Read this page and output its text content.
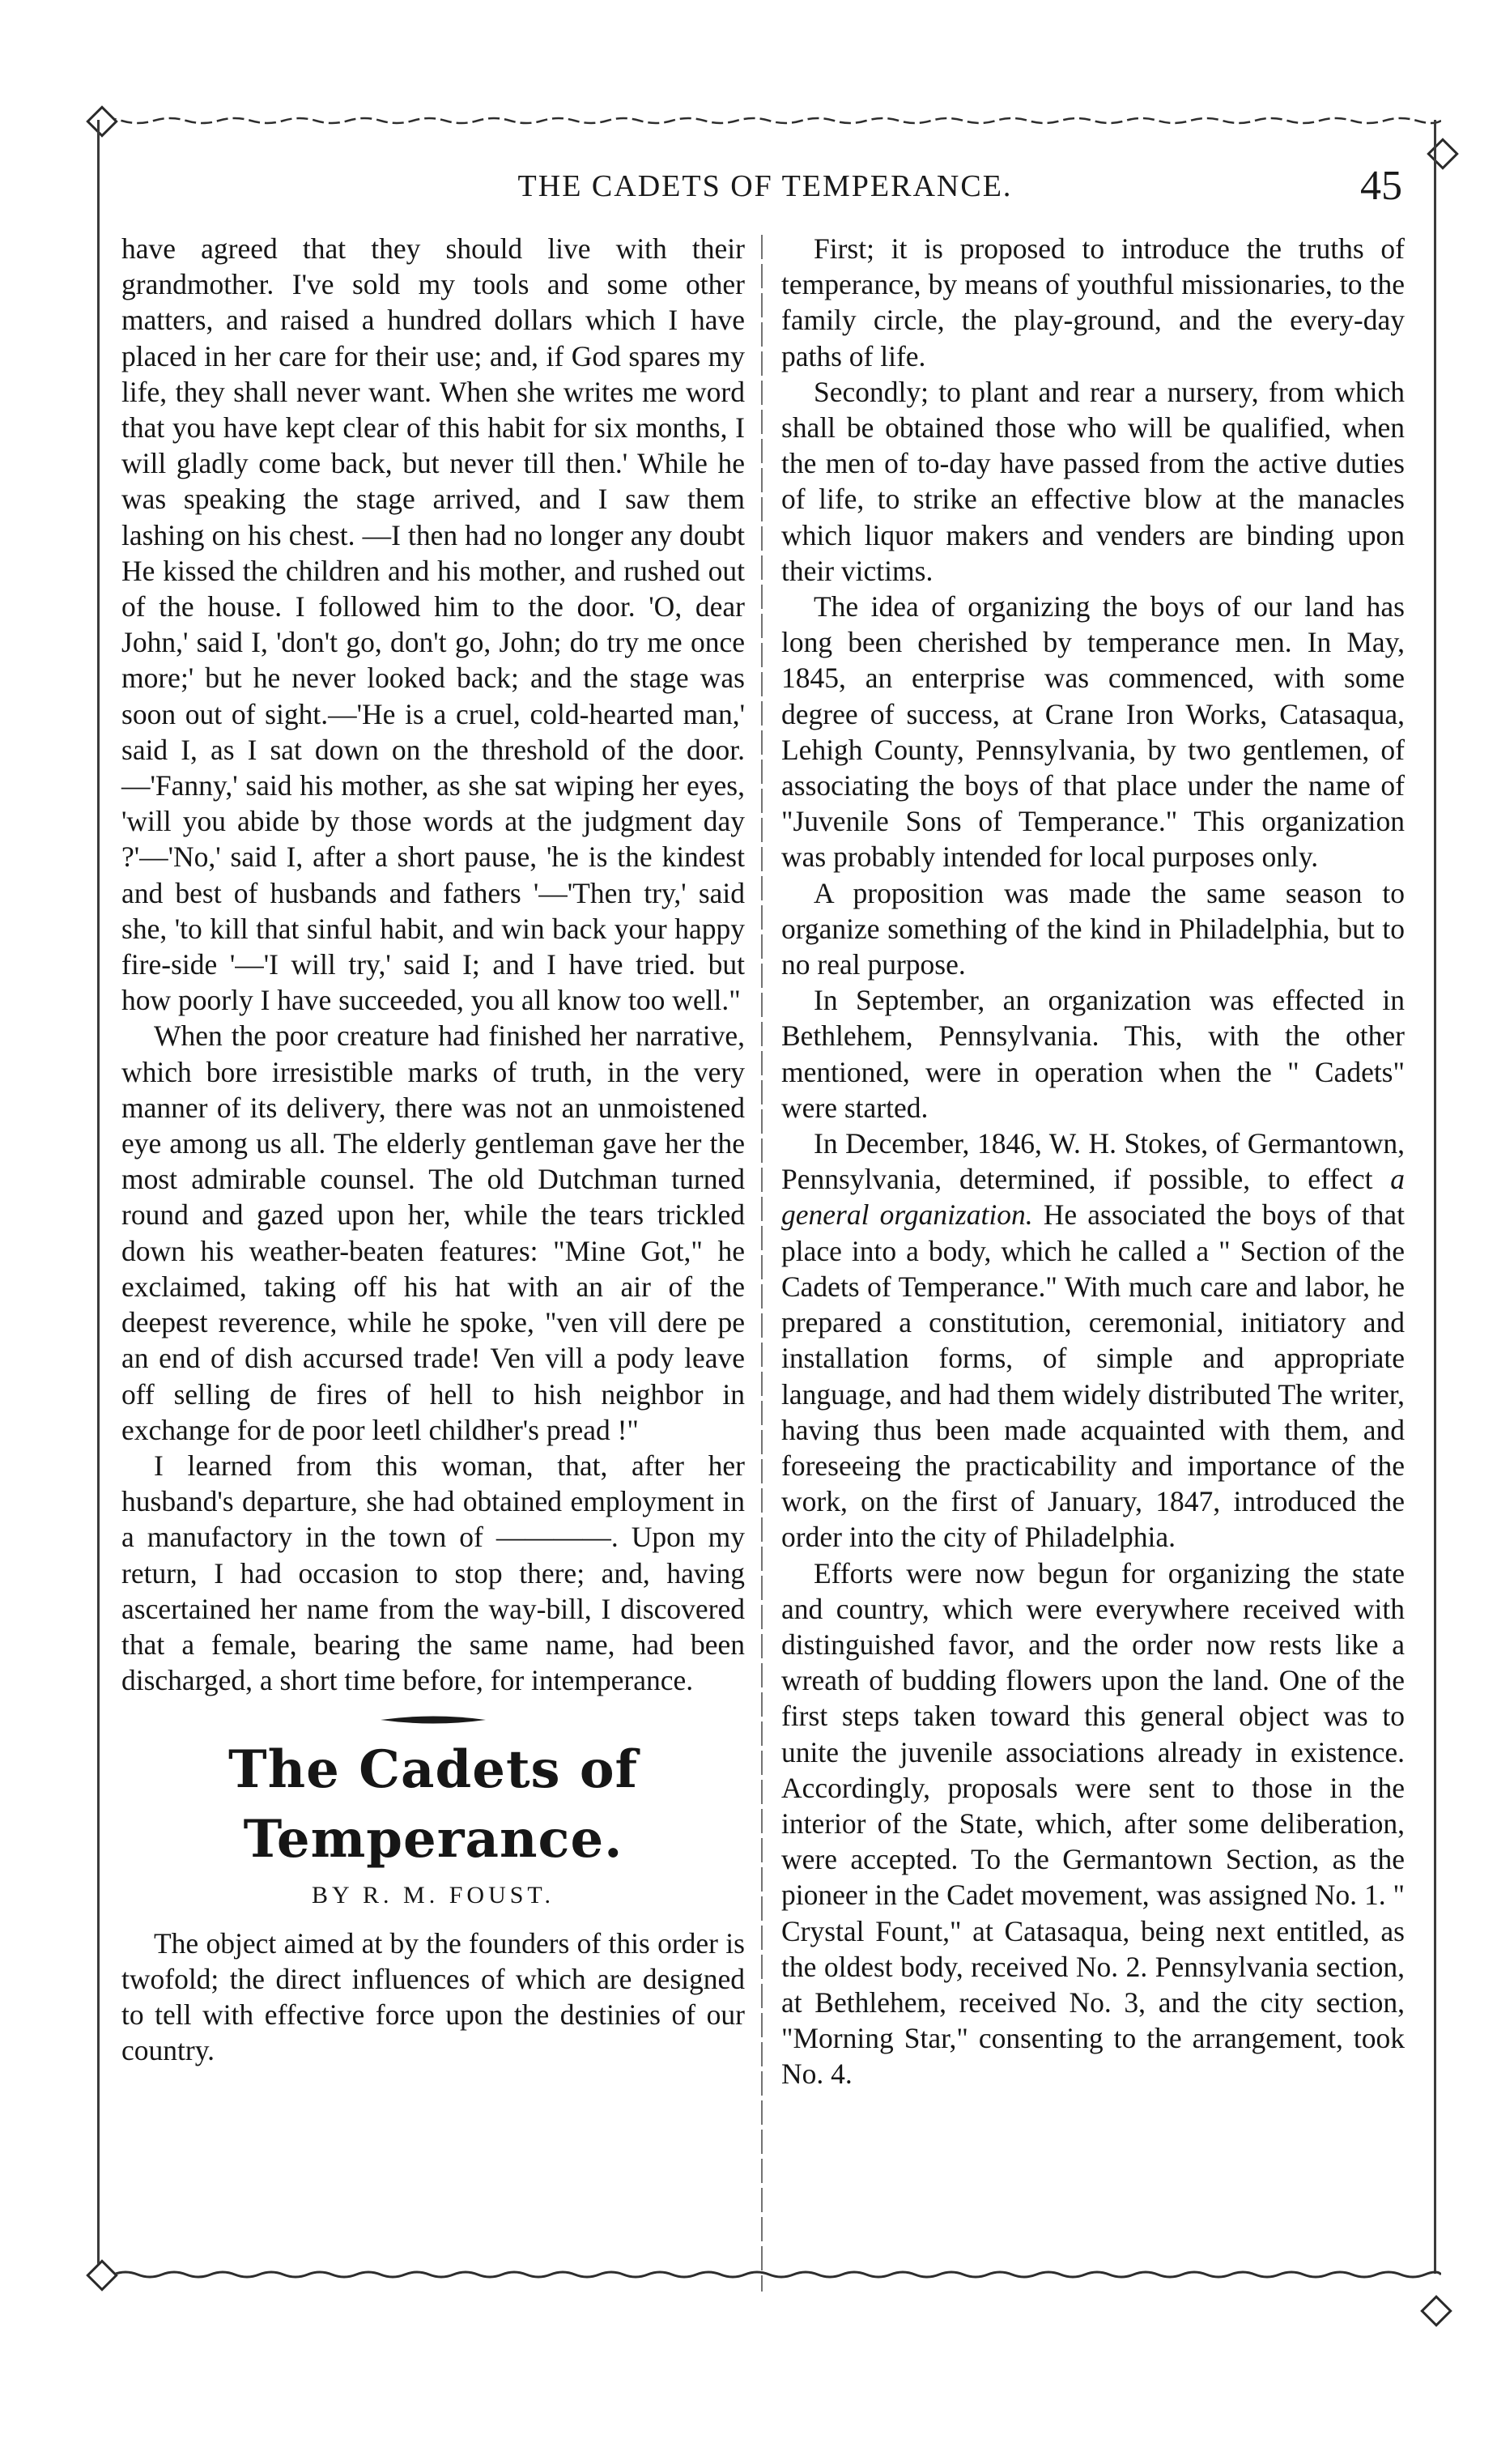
THE CADETS OF TEMPERANCE.	45

have agreed that they should live with their grandmother. I've sold my tools and some other matters, and raised a hundred dollars which I have placed in her care for their use; and, if God spares my life, they shall never want. When she writes me word that you have kept clear of this habit for six months, I will gladly come back, but never till then.' While he was speaking the stage arrived, and I saw them lashing on his chest. —I then had no longer any doubt He kissed the children and his mother, and rushed out of the house. I followed him to the door. 'O, dear John,' said I, 'don't go, don't go, John; do try me once more;' but he never looked back; and the stage was soon out of sight.—'He is a cruel, cold-hearted man,' said I, as I sat down on the threshold of the door.—'Fanny,' said his mother, as she sat wiping her eyes, 'will you abide by those words at the judgment day ?'—'No,' said I, after a short pause, 'he is the kindest and best of husbands and fathers '—'Then try,' said she, 'to kill that sinful habit, and win back your happy fire-side '—'I will try,' said I; and I have tried. but how poorly I have succeeded, you all know too well."

When the poor creature had finished her narrative, which bore irresistible marks of truth, in the very manner of its delivery, there was not an unmoistened eye among us all. The elderly gentleman gave her the most admirable counsel. The old Dutchman turned round and gazed upon her, while the tears trickled down his weather-beaten features: "Mine Got," he exclaimed, taking off his hat with an air of the deepest reverence, while he spoke, "ven vill dere pe an end of dish accursed trade! Ven vill a pody leave off selling de fires of hell to hish neighbor in exchange for de poor leetl childher's pread !"

I learned from this woman, that, after her husband's departure, she had obtained employment in a manufactory in the town of ————. Upon my return, I had occasion to stop there; and, having ascertained her name from the way-bill, I discovered that a female, bearing the same name, had been discharged, a short time before, for intemperance.

The Cadets of Temperance.
BY R. M. FOUST.

The object aimed at by the founders of this order is twofold; the direct influences of which are designed to tell with effective force upon the destinies of our country.

First; it is proposed to introduce the truths of temperance, by means of youthful missionaries, to the family circle, the play-ground, and the every-day paths of life.

Secondly; to plant and rear a nursery, from which shall be obtained those who will be qualified, when the men of to-day have passed from the active duties of life, to strike an effective blow at the manacles which liquor makers and venders are binding upon their victims.

The idea of organizing the boys of our land has long been cherished by temperance men. In May, 1845, an enterprise was commenced, with some degree of success, at Crane Iron Works, Catasaqua, Lehigh County, Pennsylvania, by two gentlemen, of associating the boys of that place under the name of "Juvenile Sons of Temperance." This organization was probably intended for local purposes only.

A proposition was made the same season to organize something of the kind in Philadelphia, but to no real purpose.

In September, an organization was effected in Bethlehem, Pennsylvania. This, with the other mentioned, were in operation when the " Cadets" were started.

In December, 1846, W. H. Stokes, of Germantown, Pennsylvania, determined, if possible, to effect a general organization. He associated the boys of that place into a body, which he called a " Section of the Cadets of Temperance." With much care and labor, he prepared a constitution, ceremonial, initiatory and installation forms, of simple and appropriate language, and had them widely distributed The writer, having thus been made acquainted with them, and foreseeing the practicability and importance of the work, on the first of January, 1847, introduced the order into the city of Philadelphia.

Efforts were now begun for organizing the state and country, which were everywhere received with distinguished favor, and the order now rests like a wreath of budding flowers upon the land. One of the first steps taken toward this general object was to unite the juvenile associations already in existence. Accordingly, proposals were sent to those in the interior of the State, which, after some deliberation, were accepted. To the Germantown Section, as the pioneer in the Cadet movement, was assigned No. 1. " Crystal Fount," at Catasaqua, being next entitled, as the oldest body, received No. 2. Pennsylvania section, at Bethlehem, received No. 3, and the city section, "Morning Star," consenting to the arrangement, took No. 4.
